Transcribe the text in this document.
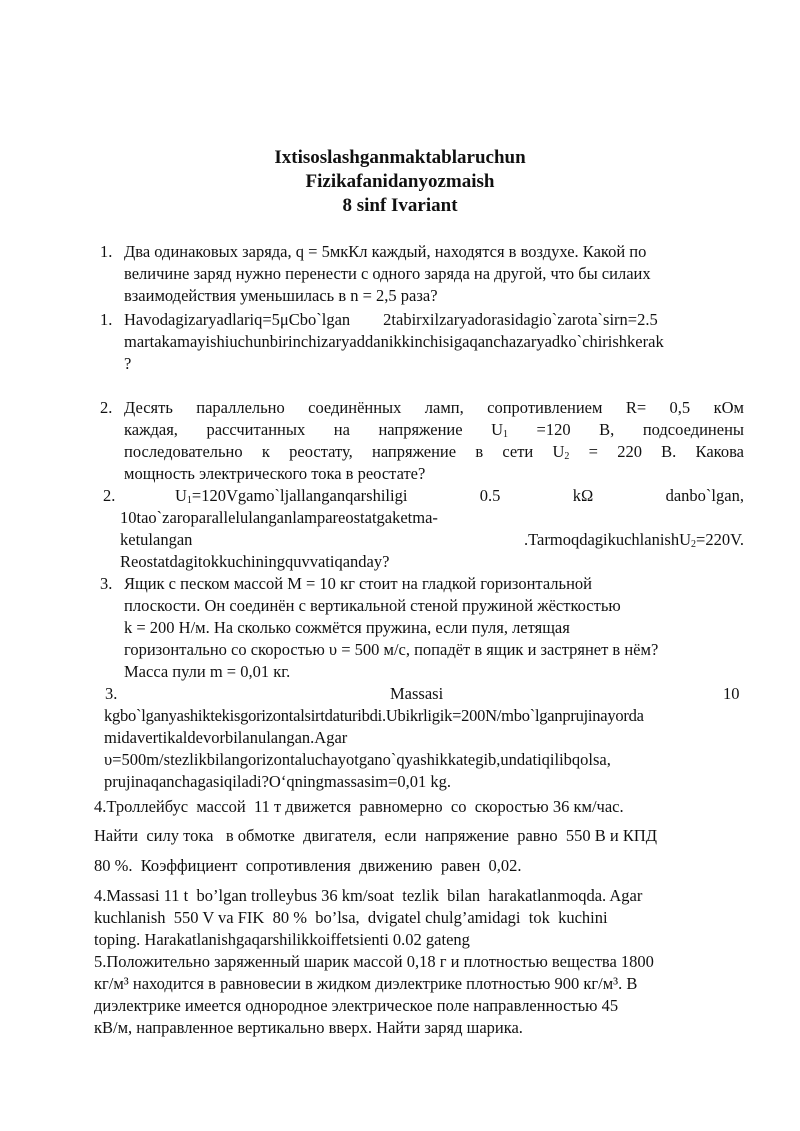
Ixtisoslashganmaktablaruchun
Fizikafanidanyozmaish
8 sinf Ivariant
1. Два одинаковых заряда, q = 5мкКл каждый, находятся в воздухе. Какой по
величине заряд нужно перенести с одного заряда на другой, что бы силаих
взаимодействия уменьшилась в n = 2,5 раза?
1. Havodagizaryadlariq=5μCbo`lgan        2tabirxilzaryadorasidagio`zarota`sirn=2.5
martakamayishiuchunbirinchizaryaddanikkinchisigaqanchazaryadko`chirishkerak
?
2. Десять параллельно соединённых ламп, сопротивлением R= 0,5 кОм
каждая, рассчитанных на напряжение $U_1 =120$ В, подсоединены
последовательно к реостату, напряжение в сети $U_2 = 220$ В. Какова
мощность электрического тока в реостате?
2.	$U_1=120Vgamo`ljallanganqarshiligi$	0.5	kΩ	danbo`lgan,
10tao`zaroparallelulanganlampareostatgaketma-
ketulangan	.TarmoqdagikuchlanishU$_2$=220V.
Reostatdagitokkuchiningquvvatiqanday?
3. Ящик с песком массой М = 10 кг стоит на гладкой горизонтальной
плоскости. Он соединён с вертикальной стеной пружиной жёсткостью
k = 200 Н/м. На сколько сожмётся пружина, если пуля, летящая
горизонтально со скоростью υ = 500 м/с, попадёт в ящик и застрянет в нём?
Масса пули m = 0,01 кг.
3.	Massasi	10
kgbo`lganyashiktekisgorizontalsirtdaturibdi.Ubikrligik=200N/mbo`lganprujinayorda
midavertikaldevorbilanulangan.Agar
υ=500m/stezlikbilangorizontaluchayotgano`qyashikkategib,undatiqilibqolsa,
prujinaqanchagasiqiladi?O‘qningmassasim=0,01 kg.
4.Троллейбус  массой  11 т движется  равномерно  со  скоростью 36 км/час.
Найти  силу тока   в обмотке  двигателя,  если  напряжение  равно  550 В и КПД
80 %.  Коэффициент  сопротивления  движению  равен  0,02.
4.Massasi 11 t  bo’lgan trolleybus 36 km/soat  tezlik  bilan  harakatlanmoqda. Agar
kuchlanish  550 V va FIK  80 %  bo’lsa,  dvigatel chulg’amidagi  tok  kuchini
toping. Harakatlanishgaqarshilikkoiffetsienti 0.02 gateng
5.Положительно заряженный шарик массой 0,18 г и плотностью вещества 1800
кг/м³ находится в равновесии в жидком диэлектрике плотностью 900 кг/м³. В
диэлектрике имеется однородное электрическое поле направленностью 45
кВ/м, направленное вертикально вверх. Найти заряд шарика.
